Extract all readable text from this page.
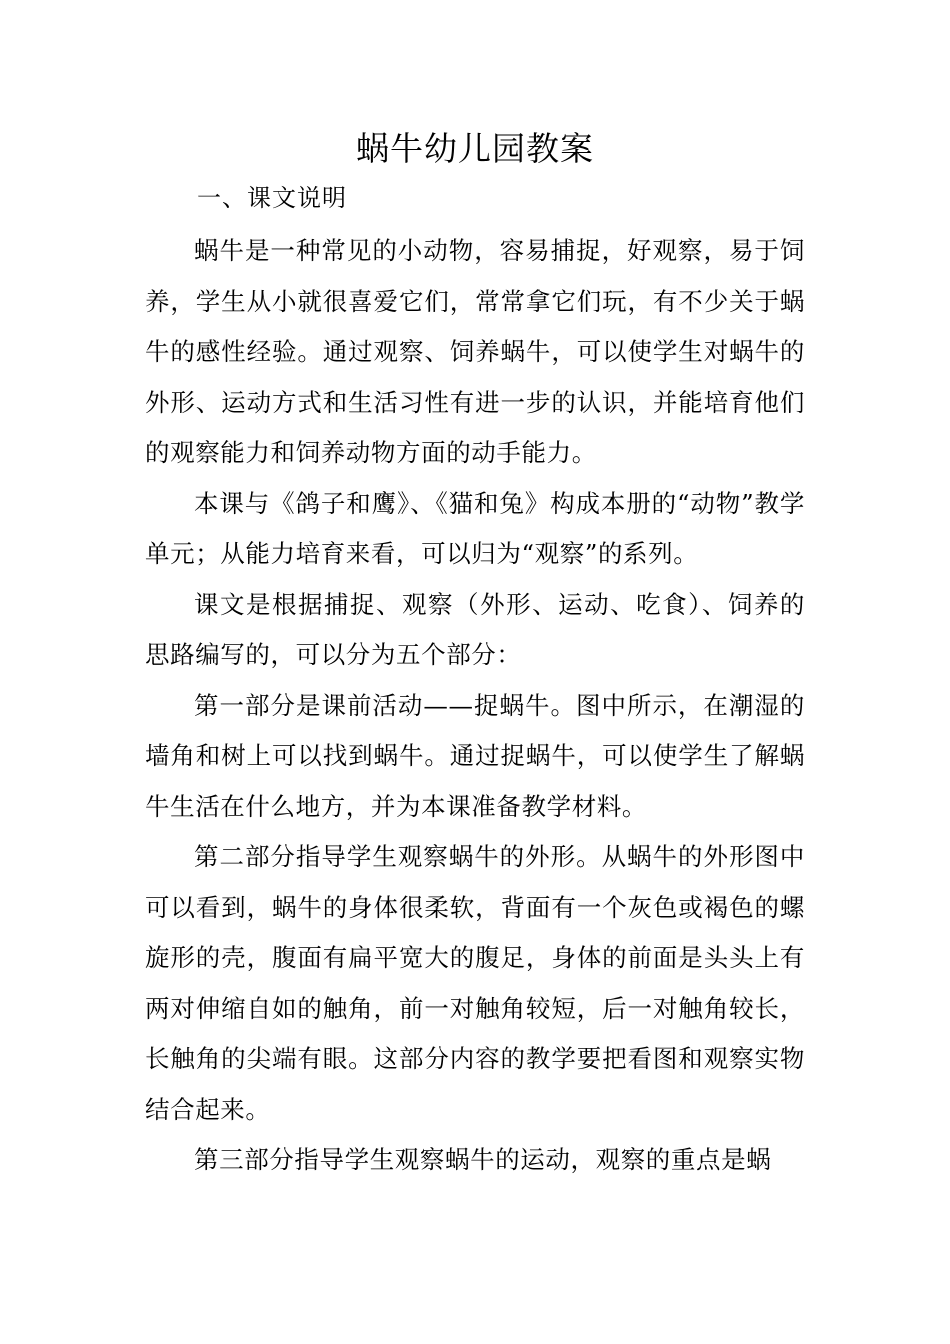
蜗牛幼儿园教案
一、课文说明

蜗牛是一种常见的小动物，容易捕捉，好观察，易于饲养，学生从小就很喜爱它们，常常拿它们玩，有不少关于蜗牛的感性经验。通过观察、饲养蜗牛，可以使学生对蜗牛的外形、运动方式和生活习性有进一步的认识，并能培育他们的观察能力和饲养动物方面的动手能力。

本课与《鸽子和鹰》、《猫和兔》构成本册的“动物”教学单元；从能力培育来看，可以归为“观察”的系列。

课文是根据捕捉、观察（外形、运动、吃食）、饲养的思路编写的，可以分为五个部分：

第一部分是课前活动——捉蜗牛。图中所示，在潮湿的墙角和树上可以找到蜗牛。通过捉蜗牛，可以使学生了解蜗牛生活在什么地方，并为本课准备教学材料。

第二部分指导学生观察蜗牛的外形。从蜗牛的外形图中可以看到，蜗牛的身体很柔软，背面有一个灰色或褐色的螺旋形的壳，腹面有扁平宽大的腹足，身体的前面是头头上有两对伸缩自如的触角，前一对触角较短，后一对触角较长，长触角的尖端有眼。这部分内容的教学要把看图和观察实物结合起来。

第三部分指导学生观察蜗牛的运动，观察的重点是蜗
